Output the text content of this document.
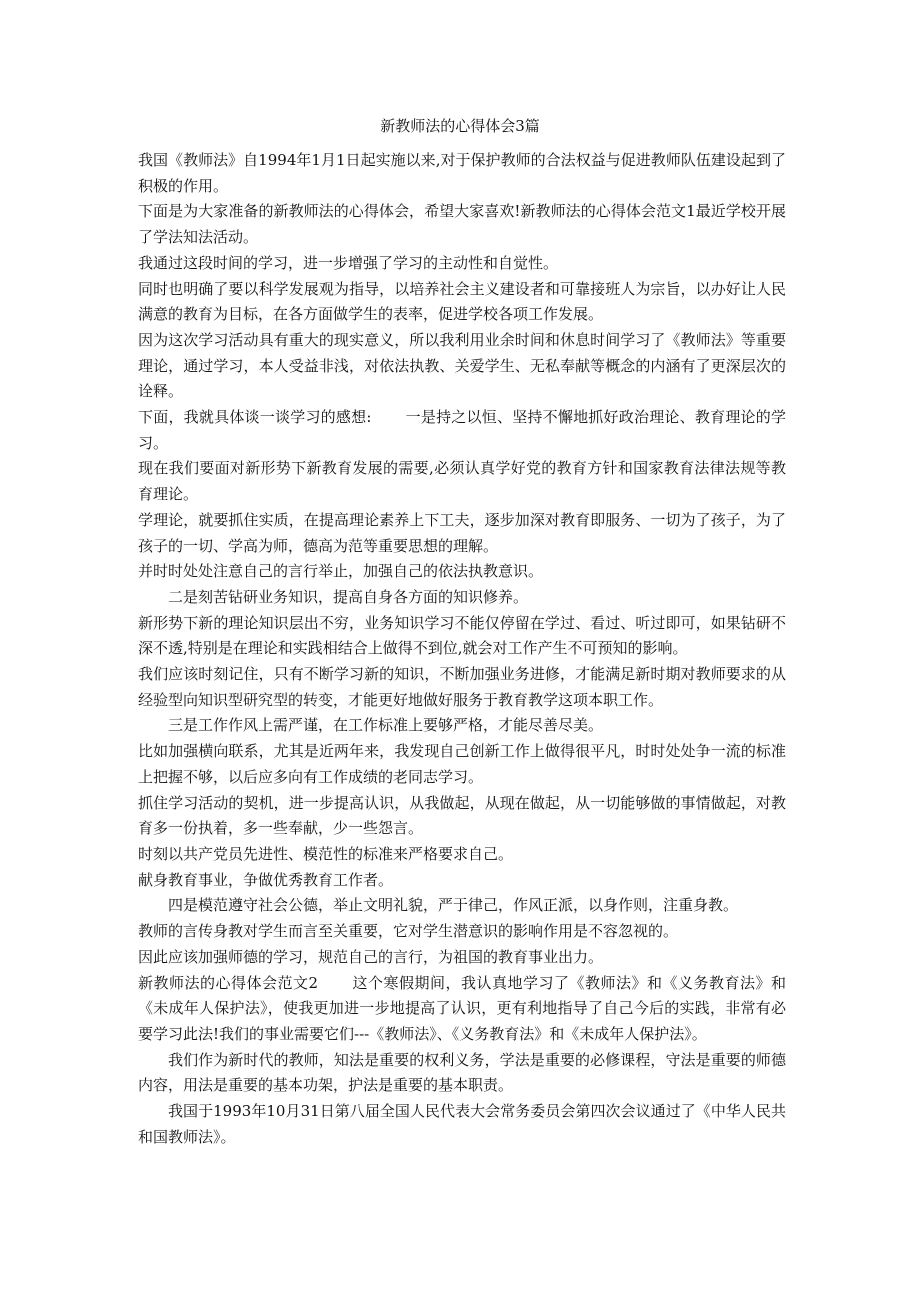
新教师法的心得体会3篇

我国《教师法》自1994年1月1日起实施以来,对于保护教师的合法权益与促进教师队伍建设起到了积极的作用。

下面是为大家准备的新教师法的心得体会，希望大家喜欢!新教师法的心得体会范文1最近学校开展了学法知法活动。

我通过这段时间的学习，进一步增强了学习的主动性和自觉性。

同时也明确了要以科学发展观为指导，以培养社会主义建设者和可靠接班人为宗旨，以办好让人民满意的教育为目标，在各方面做学生的表率，促进学校各项工作发展。

因为这次学习活动具有重大的现实意义，所以我利用业余时间和休息时间学习了《教师法》等重要理论，通过学习，本人受益非浅，对依法执教、关爱学生、无私奉献等概念的内涵有了更深层次的诠释。

下面，我就具体谈一谈学习的感想: 一是持之以恒、坚持不懈地抓好政治理论、教育理论的学习。

现在我们要面对新形势下新教育发展的需要,必须认真学好党的教育方针和国家教育法律法规等教育理论。

学理论，就要抓住实质，在提高理论素养上下工夫，逐步加深对教育即服务、一切为了孩子，为了孩子的一切、学高为师，德高为范等重要思想的理解。

并时时处处注意自己的言行举止，加强自己的依法执教意识。

二是刻苦钻研业务知识，提高自身各方面的知识修养。

新形势下新的理论知识层出不穷，业务知识学习不能仅停留在学过、看过、听过即可，如果钻研不深不透,特别是在理论和实践相结合上做得不到位,就会对工作产生不可预知的影响。

我们应该时刻记住，只有不断学习新的知识，不断加强业务进修，才能满足新时期对教师要求的从经验型向知识型研究型的转变，才能更好地做好服务于教育教学这项本职工作。

三是工作作风上需严谨，在工作标准上要够严格，才能尽善尽美。

比如加强横向联系，尤其是近两年来，我发现自己创新工作上做得很平凡，时时处处争一流的标准上把握不够，以后应多向有工作成绩的老同志学习。

抓住学习活动的契机，进一步提高认识，从我做起，从现在做起，从一切能够做的事情做起，对教育多一份执着，多一些奉献，少一些怨言。

时刻以共产党员先进性、模范性的标准来严格要求自己。

献身教育事业，争做优秀教育工作者。

四是模范遵守社会公德，举止文明礼貌，严于律己，作风正派，以身作则，注重身教。

教师的言传身教对学生而言至关重要，它对学生潜意识的影响作用是不容忽视的。

因此应该加强师德的学习，规范自己的言行，为祖国的教育事业出力。

新教师法的心得体会范文2 这个寒假期间，我认真地学习了《教师法》和《义务教育法》和《未成年人保护法》，使我更加进一步地提高了认识，更有利地指导了自己今后的实践，非常有必要学习此法!我们的事业需要它们---《教师法》、《义务教育法》和《未成年人保护法》。

我们作为新时代的教师，知法是重要的权利义务，学法是重要的必修课程，守法是重要的师德内容，用法是重要的基本功架，护法是重要的基本职责。

我国于1993年10月31日第八届全国人民代表大会常务委员会第四次会议通过了《中华人民共和国教师法》。
